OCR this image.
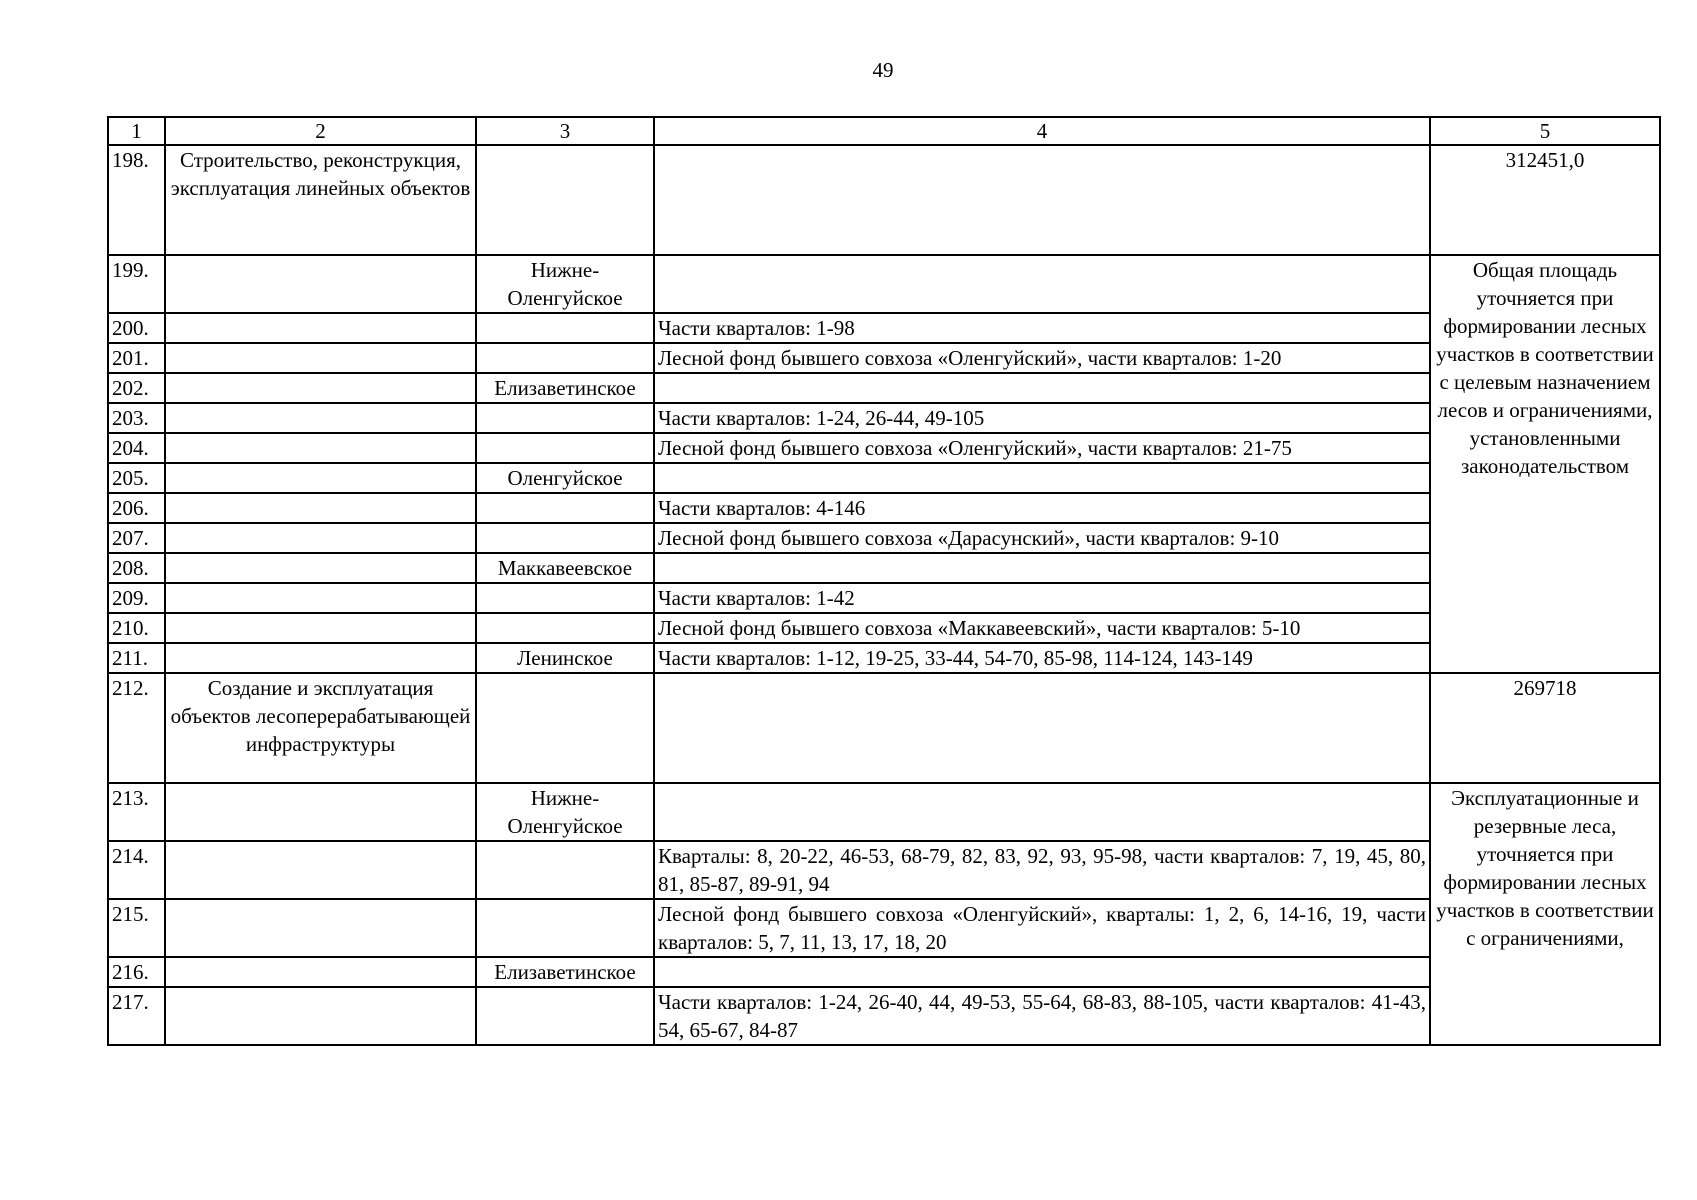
49
1	2	3	4	5
198.	Строительство, реконструкция, эксплуатация линейных объектов			312451,0
199.		Нижне-Оленгуйское		Общая площадь уточняется при формировании лесных участков в соответствии с целевым назначением лесов и ограничениями, установленными законодательством
200.			Части кварталов: 1-98	
201.			Лесной фонд бывшего совхоза «Оленгуйский», части кварталов: 1-20	
202.		Елизаветинское		
203.			Части кварталов: 1-24, 26-44, 49-105	
204.			Лесной фонд бывшего совхоза «Оленгуйский», части кварталов: 21-75	
205.		Оленгуйское		
206.			Части кварталов: 4-146	
207.			Лесной фонд бывшего совхоза «Дарасунский», части кварталов: 9-10	
208.		Маккавеевское		
209.			Части кварталов: 1-42	
210.			Лесной фонд бывшего совхоза «Маккавеевский», части кварталов: 5-10	
211.		Ленинское	Части кварталов: 1-12, 19-25, 33-44, 54-70, 85-98, 114-124, 143-149	
212.	Создание и эксплуатация объектов лесоперерабатывающей инфраструктуры			269718
213.		Нижне-Оленгуйское		Эксплуатационные и резервные леса, уточняется при формировании лесных участков в соответствии с ограничениями,
214.			Кварталы: 8, 20-22, 46-53, 68-79, 82, 83, 92, 93, 95-98, части кварталов: 7, 19, 45, 80, 81, 85-87, 89-91, 94	
215.			Лесной фонд бывшего совхоза «Оленгуйский», кварталы: 1, 2, 6, 14-16, 19, части кварталов: 5, 7, 11, 13, 17, 18, 20	
216.		Елизаветинское		
217.			Части кварталов: 1-24, 26-40, 44, 49-53, 55-64, 68-83, 88-105, части кварталов: 41-43, 54, 65-67, 84-87	
